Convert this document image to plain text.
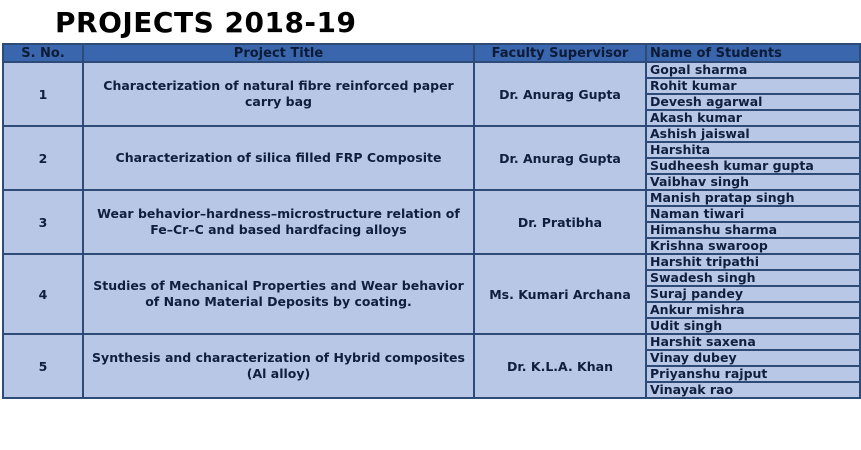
PROJECTS 2018-19
S. No.	Project Title	Faculty Supervisor	Name of Students
1	Characterization of natural fibre reinforced paper carry bag	Dr. Anurag Gupta	Gopal sharma
			Rohit kumar
			Devesh agarwal
			Akash kumar
2	Characterization of silica filled FRP Composite	Dr. Anurag Gupta	Ashish jaiswal
			Harshita
			Sudheesh kumar gupta
			Vaibhav singh
3	Wear behavior–hardness–microstructure relation of Fe–Cr–C and based hardfacing alloys	Dr. Pratibha	Manish pratap singh
			Naman tiwari
			Himanshu sharma
			Krishna swaroop
4	Studies of Mechanical Properties and Wear behavior of Nano Material Deposits by coating.	Ms. Kumari Archana	Harshit tripathi
			Swadesh singh
			Suraj pandey
			Ankur mishra
			Udit singh
5	Synthesis and characterization of Hybrid composites (Al alloy)	Dr. K.L.A. Khan	Harshit saxena
			Vinay dubey
			Priyanshu rajput
			Vinayak rao
